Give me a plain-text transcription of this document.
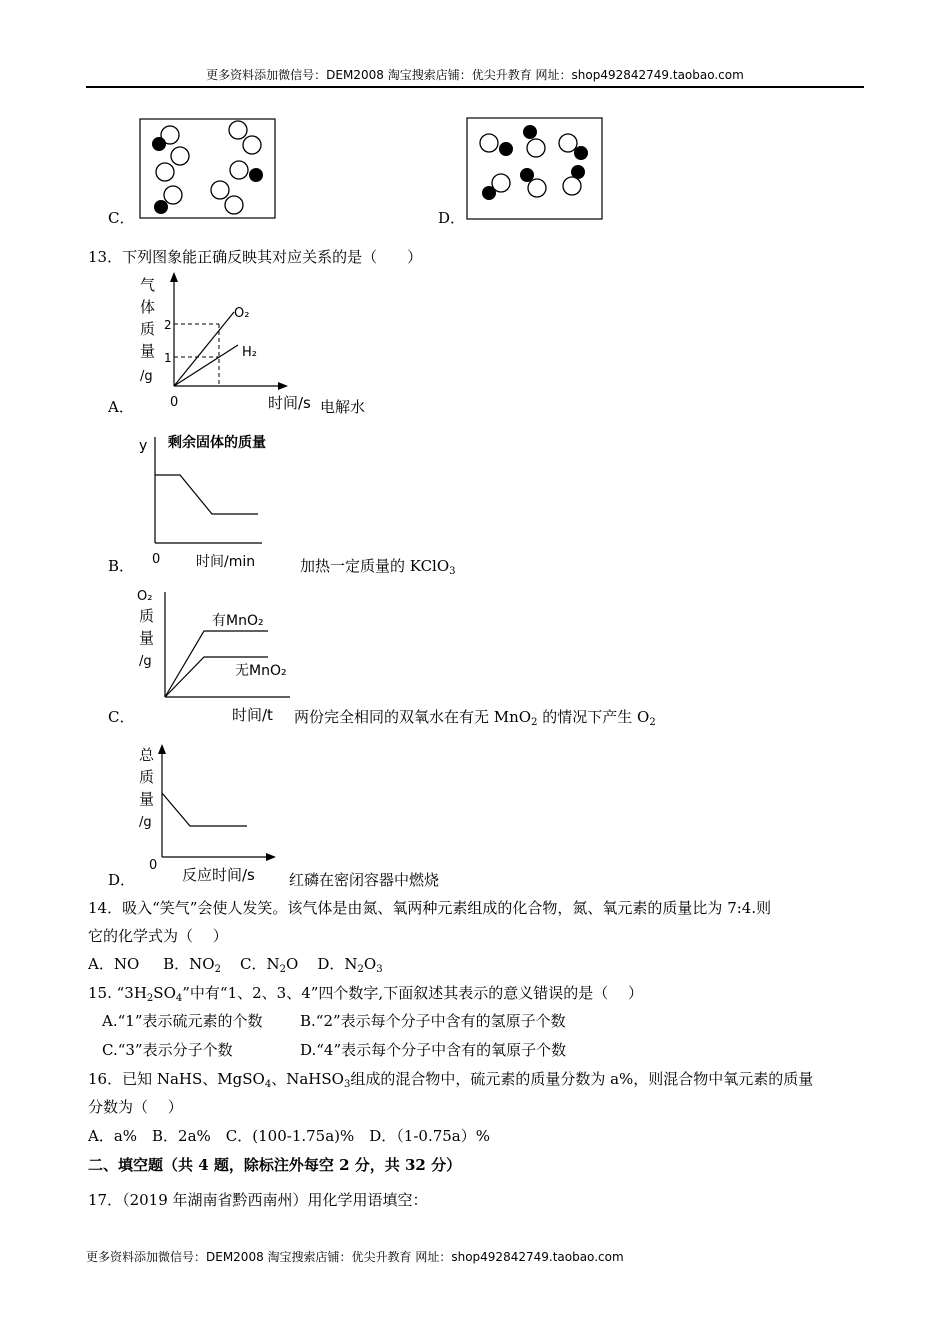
更多资料添加微信号：DEM2008 淘宝搜索店铺：优尖升教育 网址：shop492842749.taobao.com
C．	D．
13．下列图象能正确反映其对应关系的是（　　）
气
体
质
量
/g
2
1
0	时间/s
O₂
H₂
A．	电解水
y 剩余固体的质量
0	时间/min
B．	加热一定质量的 KClO$_3$
O₂
质
量
/g
有MnO₂
无MnO₂
时间/t
C．	两份完全相同的双氧水在有无 MnO$_2$ 的情况下产生 $O_2$
总
质
量
/g
0
反应时间/s
D．	红磷在密闭容器中燃烧
14．吸入“笑气”会使人发笑。该气体是由氮、氧两种元素组成的化合物，氮、氧元素的质量比为 7:4.则
它的化学式为（　 ）
A．NO B．$NO_2$ C．$N_2O$ D．$N_2O_3$
15. “$3H_2SO_4$”中有“1、2、3、4”四个数字,下面叙述其表示的意义错误的是（　 ）
A.“1”表示硫元素的个数	B.“2”表示每个分子中含有的氢原子个数
C.“3”表示分子个数	D.“4”表示每个分子中含有的氧原子个数
16．已知 NaHS、MgSO$_4$、NaHSO$_3$组成的混合物中，硫元素的质量分数为 a%，则混合物中氧元素的质量
分数为（　 ）
A．a%　B．2a%　C．(100-1.75a)%　D．（1-0.75a）%
二、填空题（共 4 题，除标注外每空 2 分，共 32 分）
17．（2019 年湖南省黔西南州）用化学用语填空：
更多资料添加微信号：DEM2008 淘宝搜索店铺：优尖升教育 网址：shop492842749.taobao.com
